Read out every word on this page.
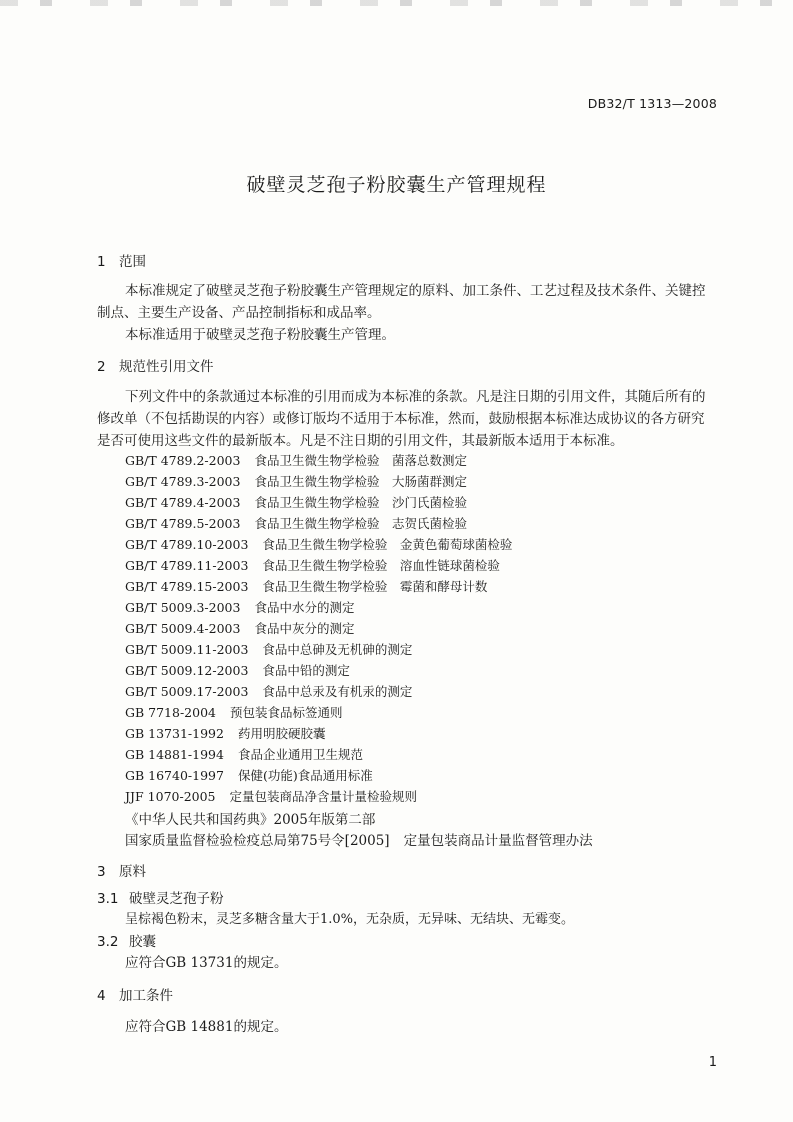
DB32/T 1313—2008
破壁灵芝孢子粉胶囊生产管理规程
1 范围
本标准规定了破壁灵芝孢子粉胶囊生产管理规定的原料、加工条件、工艺过程及技术条件、关键控
制点、主要生产设备、产品控制指标和成品率。
本标准适用于破壁灵芝孢子粉胶囊生产管理。
2 规范性引用文件
下列文件中的条款通过本标准的引用而成为本标准的条款。凡是注日期的引用文件，其随后所有的
修改单（不包括勘误的内容）或修订版均不适用于本标准，然而，鼓励根据本标准达成协议的各方研究
是否可使用这些文件的最新版本。凡是不注日期的引用文件，其最新版本适用于本标准。
GB/T 4789.2-2003 食品卫生微生物学检验　菌落总数测定
GB/T 4789.3-2003 食品卫生微生物学检验　大肠菌群测定
GB/T 4789.4-2003 食品卫生微生物学检验　沙门氏菌检验
GB/T 4789.5-2003 食品卫生微生物学检验　志贺氏菌检验
GB/T 4789.10-2003 食品卫生微生物学检验　金黄色葡萄球菌检验
GB/T 4789.11-2003 食品卫生微生物学检验　溶血性链球菌检验
GB/T 4789.15-2003 食品卫生微生物学检验　霉菌和酵母计数
GB/T 5009.3-2003 食品中水分的测定
GB/T 5009.4-2003 食品中灰分的测定
GB/T 5009.11-2003 食品中总砷及无机砷的测定
GB/T 5009.12-2003 食品中铅的测定
GB/T 5009.17-2003 食品中总汞及有机汞的测定
GB 7718-2004 预包装食品标签通则
GB 13731-1992 药用明胶硬胶囊
GB 14881-1994 食品企业通用卫生规范
GB 16740-1997 保健(功能)食品通用标准
JJF 1070-2005 定量包装商品净含量计量检验规则
《中华人民共和国药典》2005年版第二部
国家质量监督检验检疫总局第75号令[2005] 定量包装商品计量监督管理办法
3 原料
3.1 破壁灵芝孢子粉
呈棕褐色粉末，灵芝多糖含量大于1.0%，无杂质，无异味、无结块、无霉变。
3.2 胶囊
应符合GB 13731的规定。
4 加工条件
应符合GB 14881的规定。
1
